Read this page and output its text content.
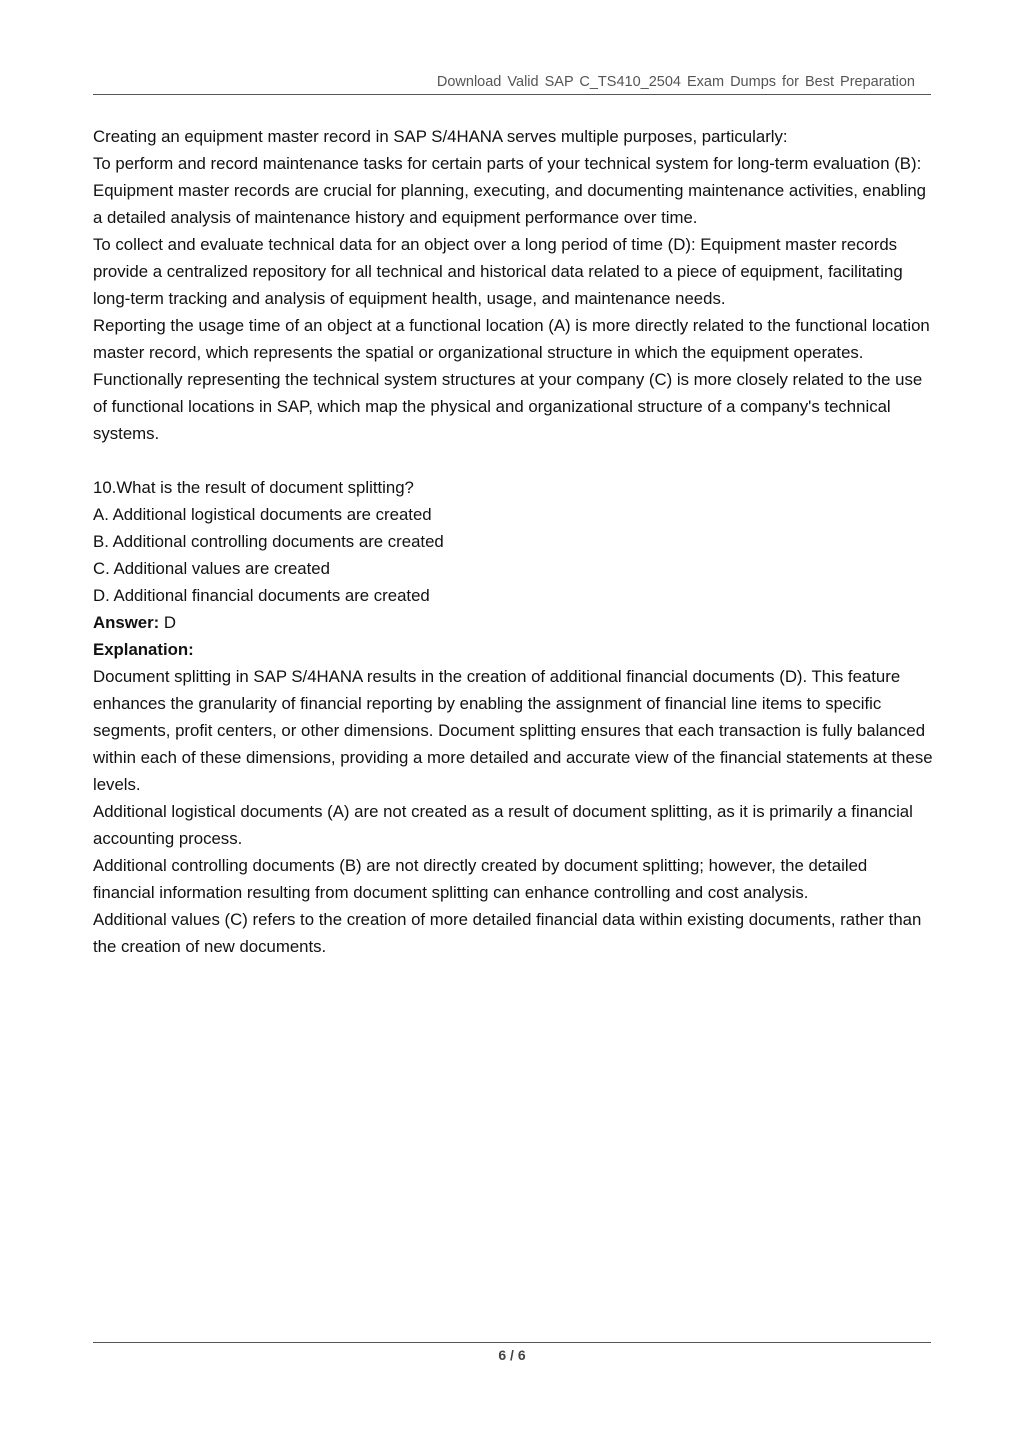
Download Valid SAP C_TS410_2504 Exam Dumps for Best Preparation

Creating an equipment master record in SAP S/4HANA serves multiple purposes, particularly:

To perform and record maintenance tasks for certain parts of your technical system for long-term evaluation (B): Equipment master records are crucial for planning, executing, and documenting maintenance activities, enabling a detailed analysis of maintenance history and equipment performance over time.

To collect and evaluate technical data for an object over a long period of time (D): Equipment master records provide a centralized repository for all technical and historical data related to a piece of equipment, facilitating long-term tracking and analysis of equipment health, usage, and maintenance needs.

Reporting the usage time of an object at a functional location (A) is more directly related to the functional location master record, which represents the spatial or organizational structure in which the equipment operates.

Functionally representing the technical system structures at your company (C) is more closely related to the use of functional locations in SAP, which map the physical and organizational structure of a company's technical systems.

10.What is the result of document splitting?

A. Additional logistical documents are created

B. Additional controlling documents are created

C. Additional values are created

D. Additional financial documents are created

Answer: D

Explanation:

Document splitting in SAP S/4HANA results in the creation of additional financial documents (D). This feature enhances the granularity of financial reporting by enabling the assignment of financial line items to specific segments, profit centers, or other dimensions. Document splitting ensures that each transaction is fully balanced within each of these dimensions, providing a more detailed and accurate view of the financial statements at these levels.

Additional logistical documents (A) are not created as a result of document splitting, as it is primarily a financial accounting process.

Additional controlling documents (B) are not directly created by document splitting; however, the detailed financial information resulting from document splitting can enhance controlling and cost analysis.

Additional values (C) refers to the creation of more detailed financial data within existing documents, rather than the creation of new documents.

6 / 6
